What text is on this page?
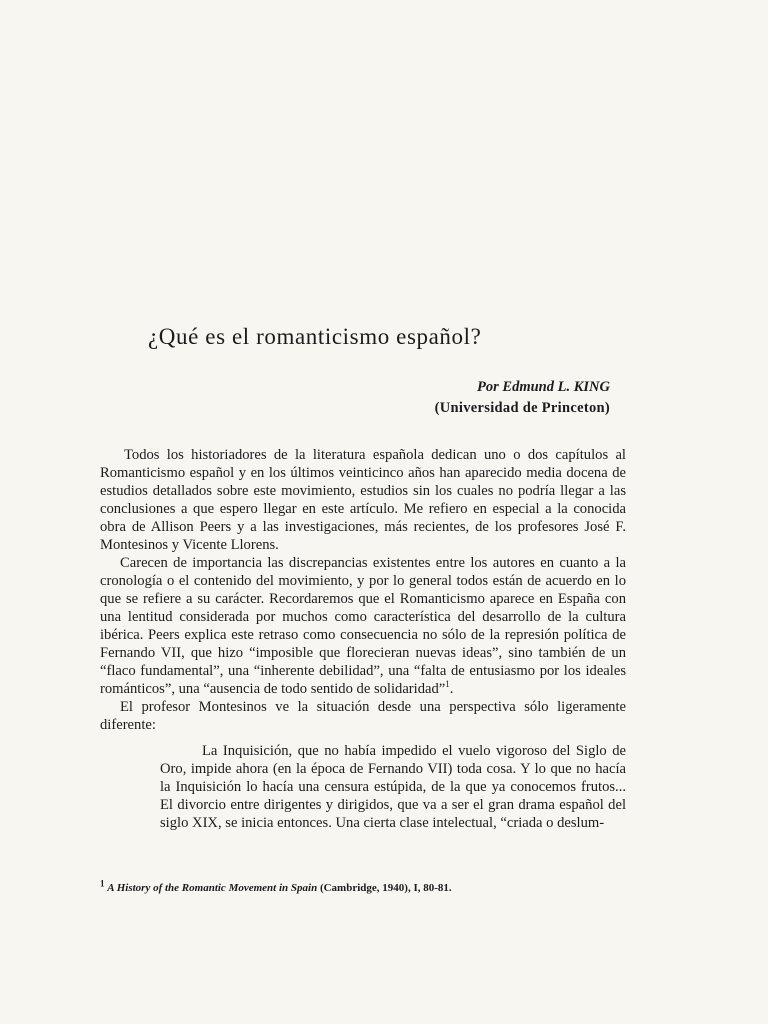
¿Qué es el romanticismo español?
Por Edmund L. KING
(Universidad de Princeton)

Todos los historiadores de la literatura española dedican uno o dos capítulos al Romanticismo español y en los últimos veinticinco años han aparecido media docena de estudios detallados sobre este movimiento, estudios sin los cuales no podría llegar a las conclusiones a que espero llegar en este artículo. Me refiero en especial a la conocida obra de Allison Peers y a las investigaciones, más recientes, de los profesores José F. Montesinos y Vicente Llorens.

Carecen de importancia las discrepancias existentes entre los autores en cuanto a la cronología o el contenido del movimiento, y por lo general todos están de acuerdo en lo que se refiere a su carácter. Recordaremos que el Romanticismo aparece en España con una lentitud considerada por muchos como característica del desarrollo de la cultura ibérica. Peers explica este retraso como consecuencia no sólo de la represión política de Fernando VII, que hizo “imposible que florecieran nuevas ideas”, sino también de un “flaco fundamental”, una “inherente debilidad”, una “falta de entusiasmo por los ideales románticos”, una “ausencia de todo sentido de solidaridad”$^1$.

El profesor Montesinos ve la situación desde una perspectiva sólo ligeramente diferente:

La Inquisición, que no había impedido el vuelo vigoroso del Siglo de Oro, impide ahora (en la época de Fernando VII) toda cosa. Y lo que no hacía la Inquisición lo hacía una censura estúpida, de la que ya conocemos frutos... El divorcio entre dirigentes y dirigidos, que va a ser el gran drama español del siglo XIX, se inicia entonces. Una cierta clase intelectual, “criada o deslum-

$^1$ A History of the Romantic Movement in Spain (Cambridge, 1940), I, 80-81.
